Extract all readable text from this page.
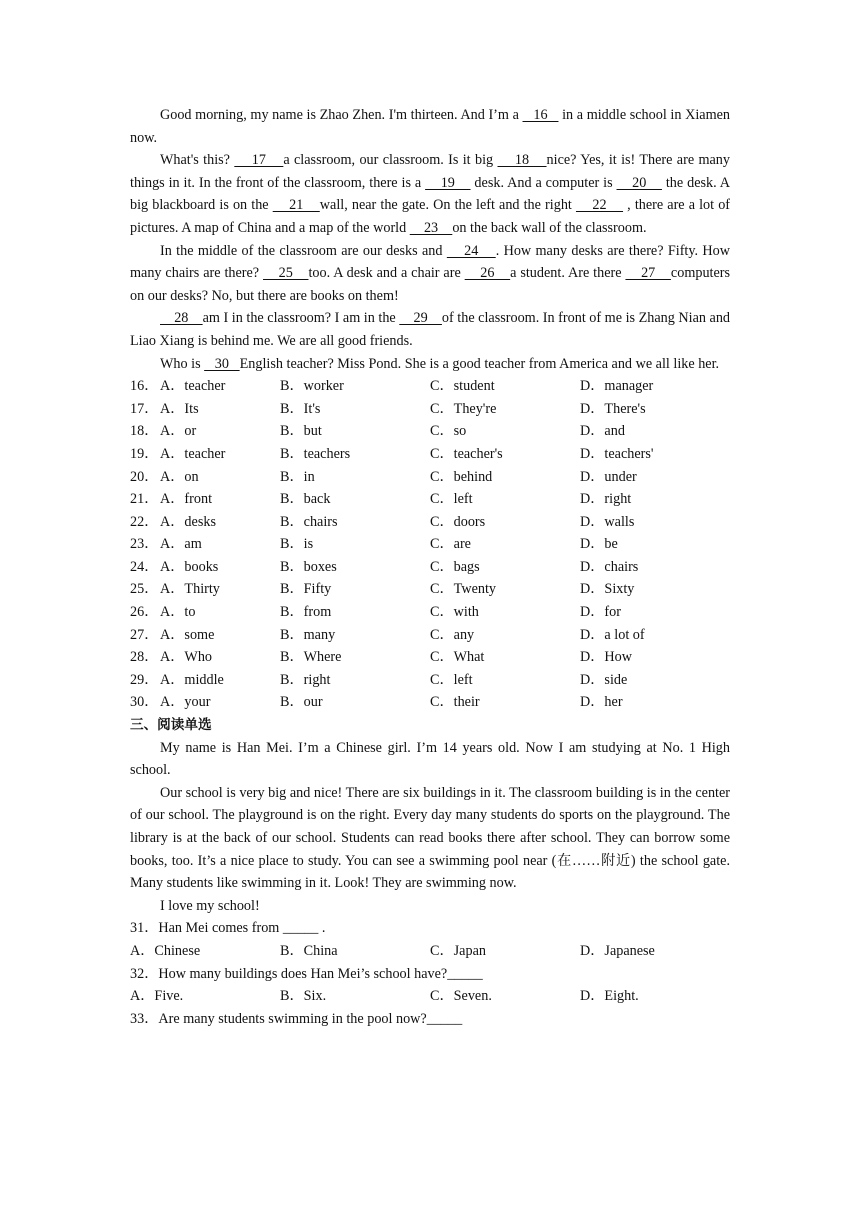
Good morning, my name is Zhao Zhen. I'm thirteen. And I’m a    16    in a middle school in Xiamen now.

What's this?     17    a classroom, our classroom. Is it big     18    nice? Yes, it is! There are many things in it. In the front of the classroom, there is a     19     desk. And a computer is     20     the desk. A big blackboard is on the     21    wall, near the gate. On the left and the right     22     , there are a lot of pictures. A map of China and a map of the world     23    on the back wall of the classroom.

In the middle of the classroom are our desks and     24    . How many desks are there? Fifty. How many chairs are there?     25    too. A desk and a chair are     26    a student. Are there     27    computers on our desks? No, but there are books on them!

28    am I in the classroom? I am in the     29    of the classroom. In front of me is Zhang Nian and Liao Xiang is behind me. We are all good friends.

Who is    30   English teacher? Miss Pond. She is a good teacher from America and we all like her.

16． A．teacher	B．worker	C．student	D．manager
17． A．Its	B．It's	C．They're	D．There's
18． A．or	B．but	C．so	D．and
19． A．teacher	B．teachers	C．teacher's	D．teachers'
20． A．on	B．in	C．behind	D．under
21． A．front	B．back	C．left	D．right
22． A．desks	B．chairs	C．doors	D．walls
23． A．am	B．is	C．are	D．be
24． A．books	B．boxes	C．bags	D．chairs
25． A．Thirty	B．Fifty	C．Twenty	D．Sixty
26． A．to	B．from	C．with	D．for
27． A．some	B．many	C．any	D．a lot of
28． A．Who	B．Where	C．What	D．How
29． A．middle	B．right	C．left	D．side
30． A．your	B．our	C．their	D．her
三、阅读单选

My name is Han Mei. I’m a Chinese girl. I’m 14 years old. Now I am studying at No. 1 High school.

Our school is very big and nice! There are six buildings in it. The classroom building is in the center of our school. The playground is on the right. Every day many students do sports on the playground. The library is at the back of our school. Students can read books there after school. They can borrow some books, too. It’s a nice place to study. You can see a swimming pool near (在……附近) the school gate. Many students like swimming in it. Look! They are swimming now.

I love my school!

31．Han Mei comes from _____ .
A．Chinese	B．China	C．Japan	D．Japanese
32．How many buildings does Han Mei’s school have?_____
A．Five.	B．Six.	C．Seven.	D．Eight.
33．Are many students swimming in the pool now?_____
